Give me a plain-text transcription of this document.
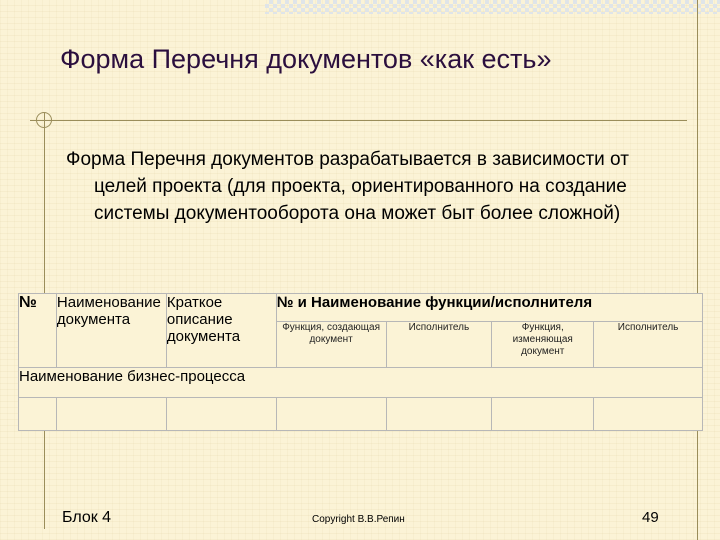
Форма Перечня документов «как есть»
Форма Перечня документов разрабатывается в зависимости от целей проекта (для проекта, ориентированного на создание системы документооборота она может быт более сложной)
№	Наименование документа	Краткое описание документа	№ и Наименование функции/исполнителя			
			Функция, создающая документ	Исполнитель	Функция, изменяющая документ	Исполнитель
Наименование бизнес-процесса						

Блок 4	Copyright В.В.Репин	49
